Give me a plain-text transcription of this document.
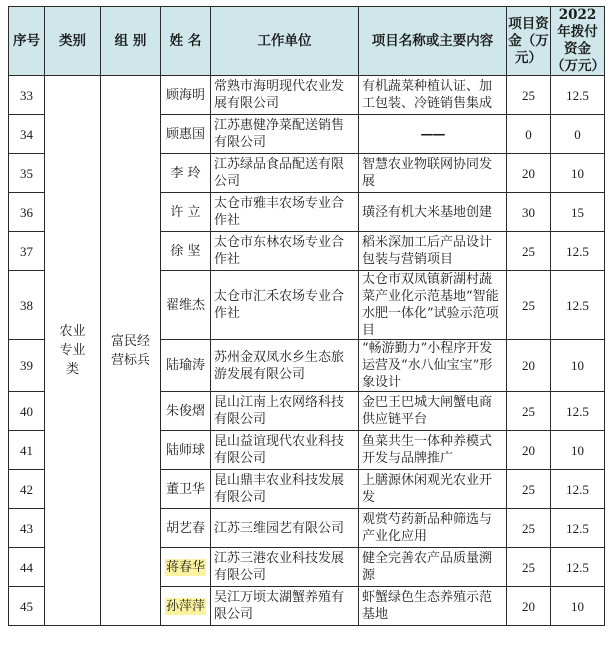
序号	类别	组 别	姓 名	工作单位	项目名称或主要内容	项目资金（万元）	2022 年拨付资金（万元）
33	农业专业类	富民经营标兵	顾海明	常熟市海明现代农业发展有限公司	有机蔬菜种植认证、加工包装、冷链销售集成	25	12.5
34			顾惠国	江苏惠健净菜配送销售有限公司	——	0	0
35			李 玲	江苏绿品食品配送有限公司	智慧农业物联网协同发展	20	10
36			许 立	太仓市雅丰农场专业合作社	璜泾有机大米基地创建	30	15
37			徐 坚	太仓市东林农场专业合作社	稻米深加工后产品设计包装与营销项目	25	12.5
38			翟维杰	太仓市汇禾农场专业合作社	太仓市双凤镇新湖村蔬菜产业化示范基地“智能水肥一体化”试验示范项目	25	12.5
39			陆瑜涛	苏州金双凤水乡生态旅游发展有限公司	“畅游勤力”小程序开发运营及“水八仙宝宝”形象设计	20	10
40			朱俊熠	昆山江南上农网络科技有限公司	金巴王巴城大闸蟹电商供应链平台	25	12.5
41			陆师球	昆山益谊现代农业科技有限公司	鱼菜共生一体种养模式开发与品牌推广	20	10
42			董卫华	昆山鼎丰农业科技发展有限公司	上膳源休闲观光农业开发	25	12.5
43			胡艺春	江苏三维园艺有限公司	观赏芍药新品种筛选与产业化应用	25	12.5
44			蒋春华	江苏三港农业科技发展有限公司	健全完善农产品质量溯源	25	12.5
45			孙萍萍	吴江万顷太湖蟹养殖有限公司	虾蟹绿色生态养殖示范基地	20	10
